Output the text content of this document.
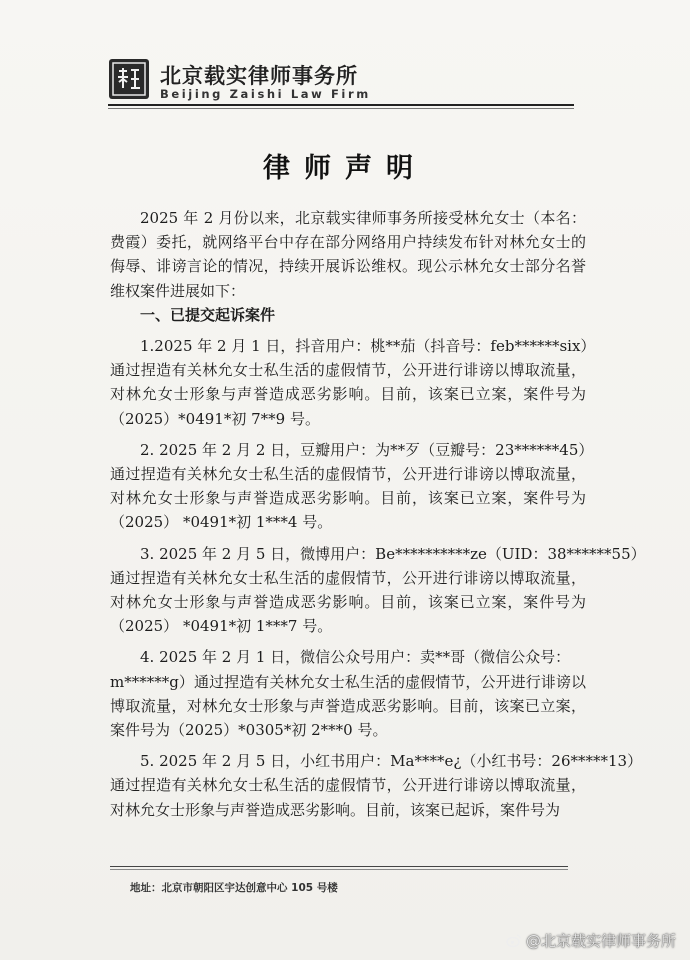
北京载实律师事务所
Beijing Zaishi Law Firm
律师声明

2025 年 2 月份以来，北京载实律师事务所接受林允女士（本名：费霞）委托，就网络平台中存在部分网络用户持续发布针对林允女士的侮辱、诽谤言论的情况，持续开展诉讼维权。现公示林允女士部分名誉维权案件进展如下：

一、已提交起诉案件

1.2025 年 2 月 1 日，抖音用户：桃**茄（抖音号：feb******six）

通过捏造有关林允女士私生活的虚假情节，公开进行诽谤以博取流量，对林允女士形象与声誉造成恶劣影响。目前，该案已立案，案件号为（2025）*0491*初 7**9 号。

2. 2025 年 2 月 2 日，豆瓣用户：为**歹（豆瓣号：23******45）

通过捏造有关林允女士私生活的虚假情节，公开进行诽谤以博取流量，对林允女士形象与声誉造成恶劣影响。目前，该案已立案，案件号为（2025） *0491*初 1***4 号。

3. 2025 年 2 月 5 日，微博用户：Be**********ze（UID：38******55）

通过捏造有关林允女士私生活的虚假情节，公开进行诽谤以博取流量，对林允女士形象与声誉造成恶劣影响。目前，该案已立案，案件号为（2025） *0491*初 1***7 号。

4. 2025 年 2 月 1 日，微信公众号用户：卖**哥（微信公众号：

m******g）通过捏造有关林允女士私生活的虚假情节，公开进行诽谤以博取流量，对林允女士形象与声誉造成恶劣影响。目前，该案已立案，案件号为（2025）*0305*初 2***0 号。

5. 2025 年 2 月 5 日，小红书用户：Ma****e¿（小红书号：26*****13）

通过捏造有关林允女士私生活的虚假情节，公开进行诽谤以博取流量，对林允女士形象与声誉造成恶劣影响。目前，该案已起诉，案件号为

地址：北京市朝阳区宇达创意中心 105 号楼
@北京载实律师事务所
